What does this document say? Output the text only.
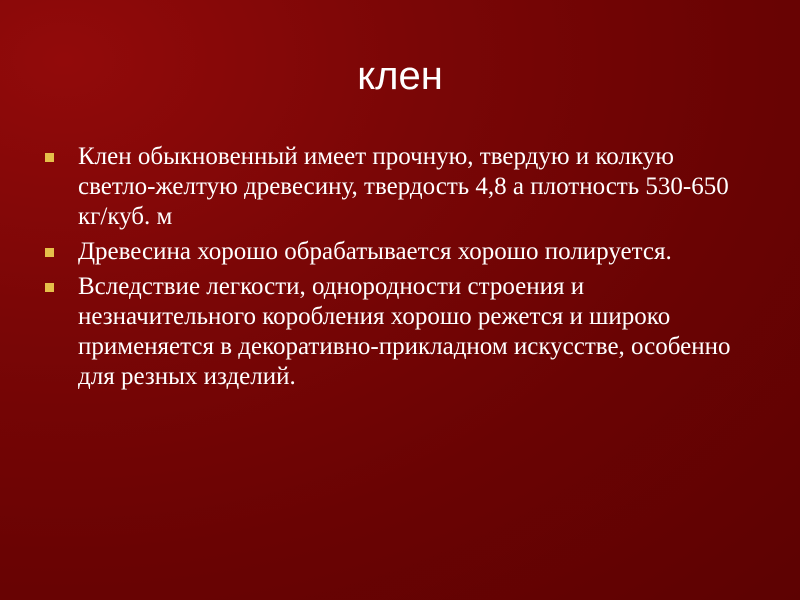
клен
Клен обыкновенный имеет прочную, твердую и колкую светло-желтую древесину, твердость 4,8 а плотность 530-650 кг/куб. м
Древесина хорошо обрабатывается хорошо полируется.
Вследствие легкости, однородности строения и незначительного коробления хорошо режется и широко применяется в декоративно-прикладном искусстве, особенно для резных изделий.
